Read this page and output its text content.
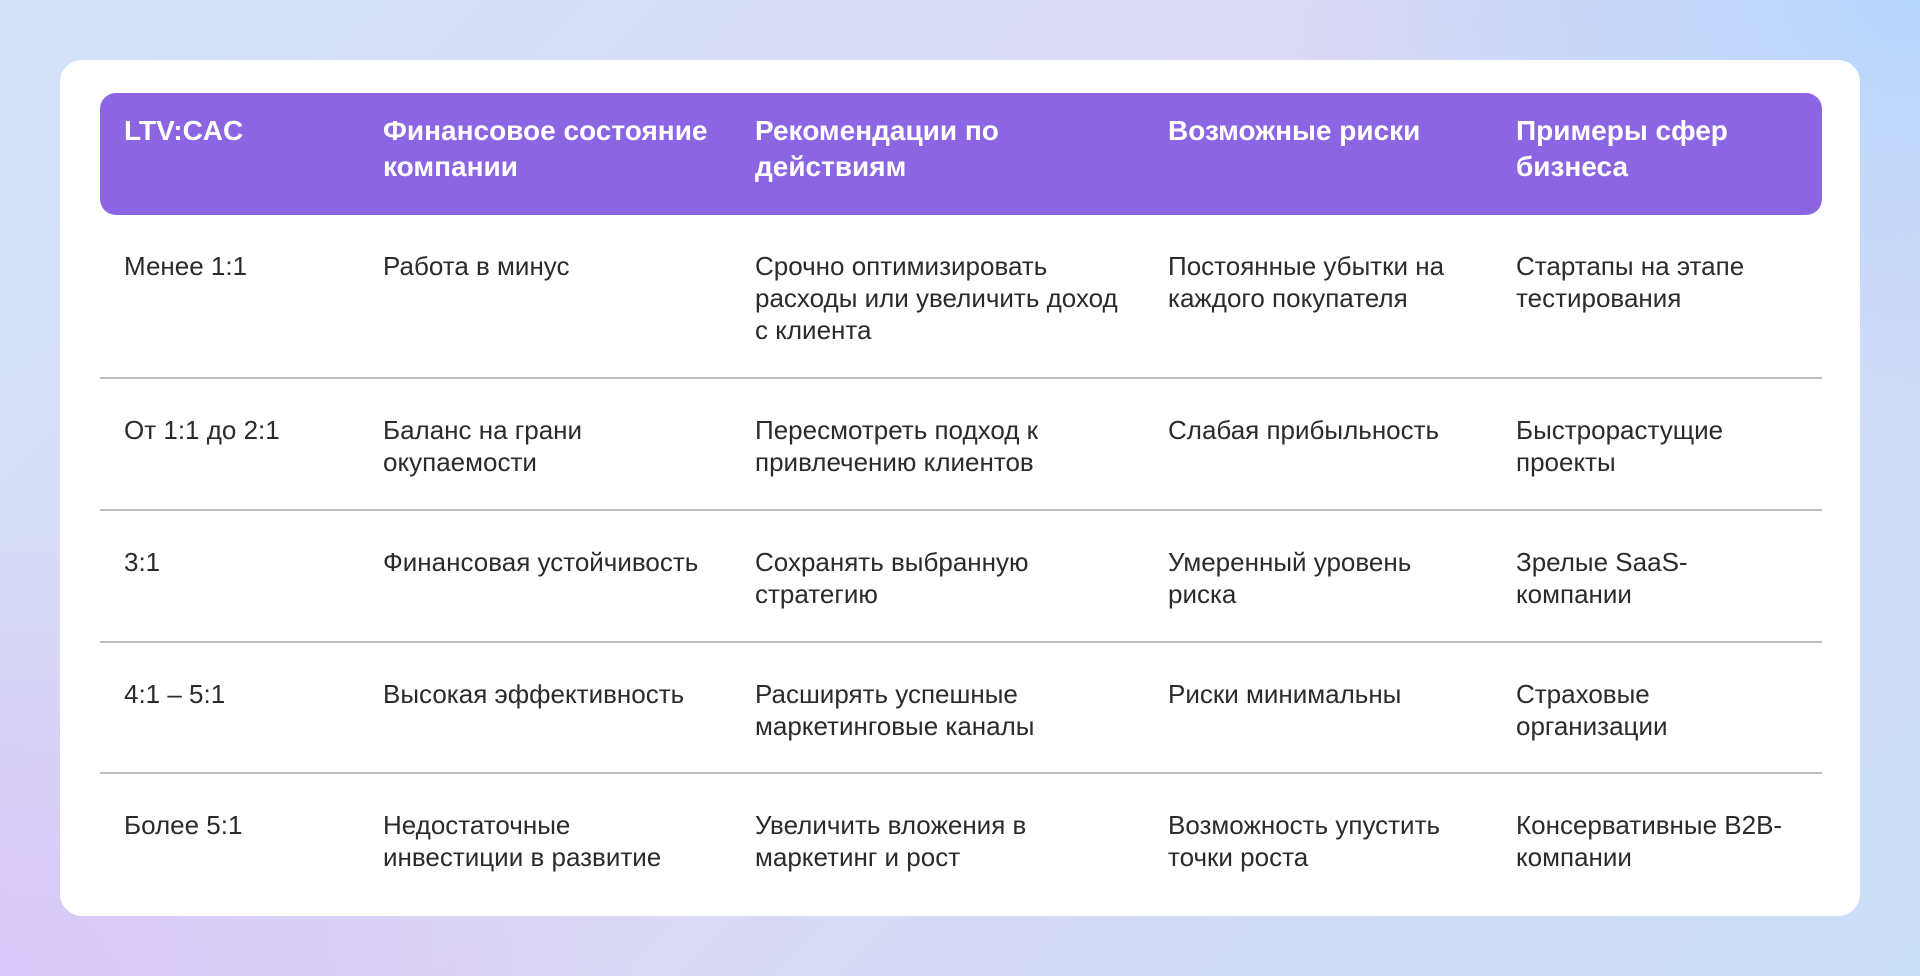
LTV:CAC	Финансовое состояние компании	Рекомендации по действиям	Возможные риски	Примеры сфер бизнеса
Менее 1:1	Работа в минус	Срочно оптимизировать расходы или увеличить доход с клиента	Постоянные убытки на каждого покупателя	Стартапы на этапе тестирования
От 1:1 до 2:1	Баланс на грани окупаемости	Пересмотреть подход к привлечению клиентов	Слабая прибыльность	Быстрорастущие проекты
3:1	Финансовая устойчивость	Сохранять выбранную стратегию	Умеренный уровень риска	Зрелые SaaS-компании
4:1 – 5:1	Высокая эффективность	Расширять успешные маркетинговые каналы	Риски минимальны	Страховые организации
Более 5:1	Недостаточные инвестиции в развитие	Увеличить вложения в маркетинг и рост	Возможность упустить точки роста	Консервативные B2B-компании
